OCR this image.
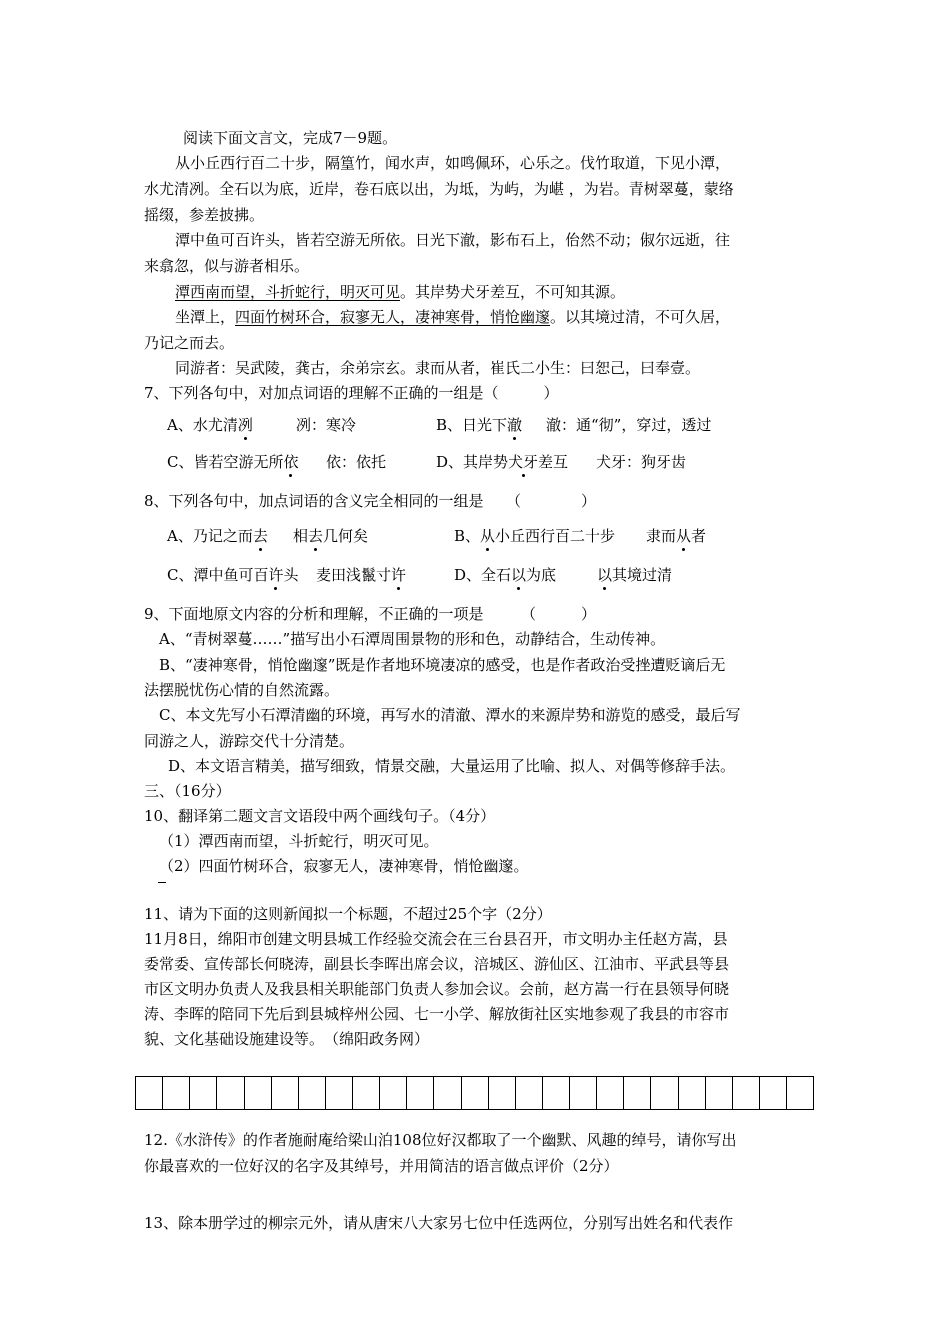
阅读下面文言文，完成7－9题。
从小丘西行百二十步，隔篁竹，闻水声，如鸣佩环，心乐之。伐竹取道，下见小潭，
水尤清冽。全石以为底，近岸，卷石底以出，为坻，为屿，为嵁 ，为岩。青树翠蔓，蒙络
摇缀，参差披拂。
潭中鱼可百许头，皆若空游无所依。日光下澈，影布石上，佁然不动；俶尔远逝，往
来翕忽，似与游者相乐。
潭西南而望，斗折蛇行，明灭可见。其岸势犬牙差互，不可知其源。
坐潭上，四面竹树环合，寂寥无人，凄神寒骨，悄怆幽邃。以其境过清，不可久居，
乃记之而去。
同游者：吴武陵，龚古，余弟宗玄。隶而从者，崔氏二小生：曰恕己，曰奉壹。
7、下列各句中，对加点词语的理解不正确的一组是（　　　）
A、水尤清冽	冽：寒冷	B、日光下澈 澈：通“彻”，穿过，透过
C、皆若空游无所依 依：依托	D、其岸势犬牙差互 犬牙：狗牙齿
8、下列各句中，加点词语的含义完全相同的一组是　　（　　　　）
A、乃记之而去 相去几何矣	B、从小丘西行百二十步 隶而从者
C、潭中鱼可百许头 麦田浅鬣寸许	D、全石以为底	以其境过清
9、下面地原文内容的分析和理解，不正确的一项是　　　（　　　）
A、“青树翠蔓……”描写出小石潭周围景物的形和色，动静结合，生动传神。
B、“凄神寒骨，悄怆幽邃”既是作者地环境凄凉的感受，也是作者政治受挫遭贬谪后无
法摆脱忧伤心情的自然流露。
C、本文先写小石潭清幽的环境，再写水的清澈、潭水的来源岸势和游览的感受，最后写
同游之人，游踪交代十分清楚。
D、本文语言精美，描写细致，情景交融，大量运用了比喻、拟人、对偶等修辞手法。
三、（16分）
10、翻译第二题文言文语段中两个画线句子。（4分）
（1）潭西南而望，斗折蛇行，明灭可见。
（2）四面竹树环合，寂寥无人，凄神寒骨，悄怆幽邃。
11、请为下面的这则新闻拟一个标题，不超过25个字（2分）
11月8日，绵阳市创建文明县城工作经验交流会在三台县召开，市文明办主任赵方嵩，县
委常委、宣传部长何晓涛，副县长李晖出席会议，涪城区、游仙区、江油市、平武县等县
市区文明办负责人及我县相关职能部门负责人参加会议。会前，赵方嵩一行在县领导何晓
涛、李晖的陪同下先后到县城梓州公园、七一小学、解放街社区实地参观了我县的市容市
貌、文化基础设施建设等。　（绵阳政务网）
12.《水浒传》的作者施耐庵给梁山泊108位好汉都取了一个幽默、风趣的绰号，请你写出
你最喜欢的一位好汉的名字及其绰号，并用简洁的语言做点评价（2分）
13、除本册学过的柳宗元外，请从唐宋八大家另七位中任选两位，分别写出姓名和代表作
